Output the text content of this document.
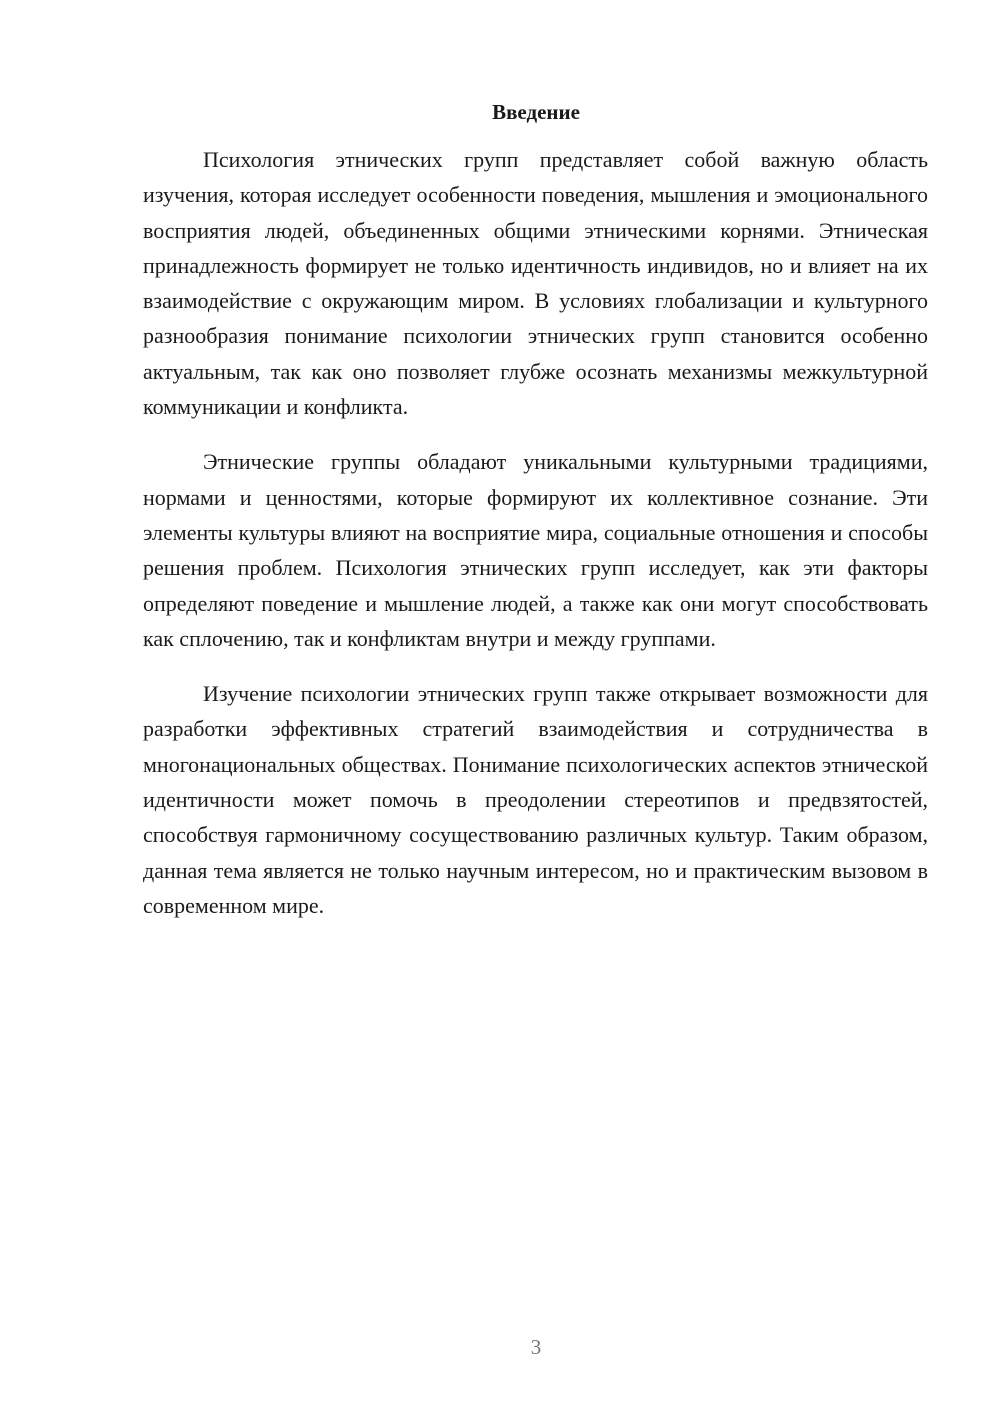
Введение

Психология этнических групп представляет собой важную область изучения, которая исследует особенности поведения, мышления и эмоционального восприятия людей, объединенных общими этническими корнями. Этническая принадлежность формирует не только идентичность индивидов, но и влияет на их взаимодействие с окружающим миром. В условиях глобализации и культурного разнообразия понимание психологии этнических групп становится особенно актуальным, так как оно позволяет глубже осознать механизмы межкультурной коммуникации и конфликта.

Этнические группы обладают уникальными культурными традициями, нормами и ценностями, которые формируют их коллективное сознание. Эти элементы культуры влияют на восприятие мира, социальные отношения и способы решения проблем. Психология этнических групп исследует, как эти факторы определяют поведение и мышление людей, а также как они могут способствовать как сплочению, так и конфликтам внутри и между группами.

Изучение психологии этнических групп также открывает возможности для разработки эффективных стратегий взаимодействия и сотрудничества в многонациональных обществах. Понимание психологических аспектов этнической идентичности может помочь в преодолении стереотипов и предвзятостей, способствуя гармоничному сосуществованию различных культур. Таким образом, данная тема является не только научным интересом, но и практическим вызовом в современном мире.

3
